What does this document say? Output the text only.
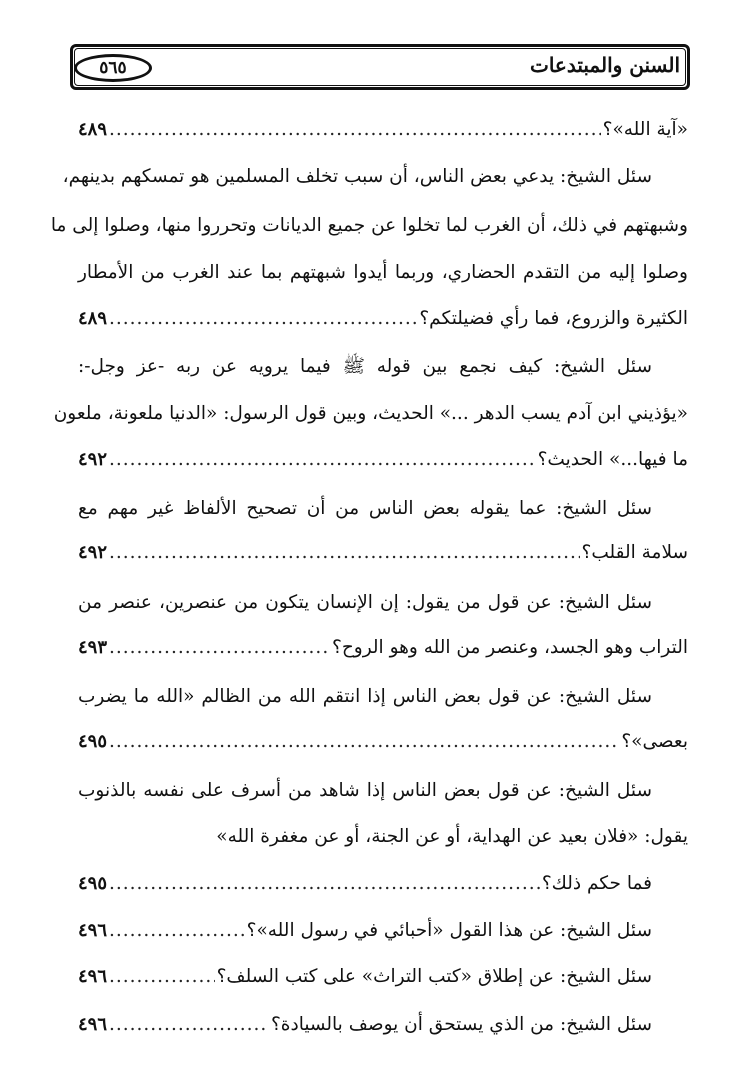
السنن والمبتدعات
٥٦٥
«آية الله»؟
.....
٤٨٩
سئل الشيخ: يدعي بعض الناس، أن سبب تخلف المسلمين هو تمسكهم بدينهم،
وشبهتهم في ذلك، أن الغرب لما تخلوا عن جميع الديانات وتحرروا منها، وصلوا إلى ما
وصلوا إليه من التقدم الحضاري، وربما أيدوا شبهتهم بما عند الغرب من الأمطار
الكثيرة والزروع، فما رأي فضيلتكم؟
.....
٤٨٩
سئل الشيخ: كيف نجمع بين قوله ﷺ فيما يرويه عن ربه -عز وجل-:
«يؤذيني ابن آدم يسب الدهر ...» الحديث، وبين قول الرسول: «الدنيا ملعونة، ملعون
ما فيها...» الحديث؟
.....
٤٩٢
سئل الشيخ: عما يقوله بعض الناس من أن تصحيح الألفاظ غير مهم مع
سلامة القلب؟
.....
٤٩٢
سئل الشيخ: عن قول من يقول: إن الإنسان يتكون من عنصرين، عنصر من
التراب وهو الجسد، وعنصر من الله وهو الروح؟
.....
٤٩٣
سئل الشيخ: عن قول بعض الناس إذا انتقم الله من الظالم «الله ما يضرب
بعصى»؟
.....
٤٩٥
سئل الشيخ: عن قول بعض الناس إذا شاهد من أسرف على نفسه بالذنوب
يقول: «فلان بعيد عن الهداية، أو عن الجنة، أو عن مغفرة الله»
فما حكم ذلك؟
.....
٤٩٥
سئل الشيخ: عن هذا القول «أحبائي في رسول الله»؟
.....
٤٩٦
سئل الشيخ: عن إطلاق «كتب التراث» على كتب السلف؟
.....
٤٩٦
سئل الشيخ: من الذي يستحق أن يوصف بالسيادة؟
.....
٤٩٦
